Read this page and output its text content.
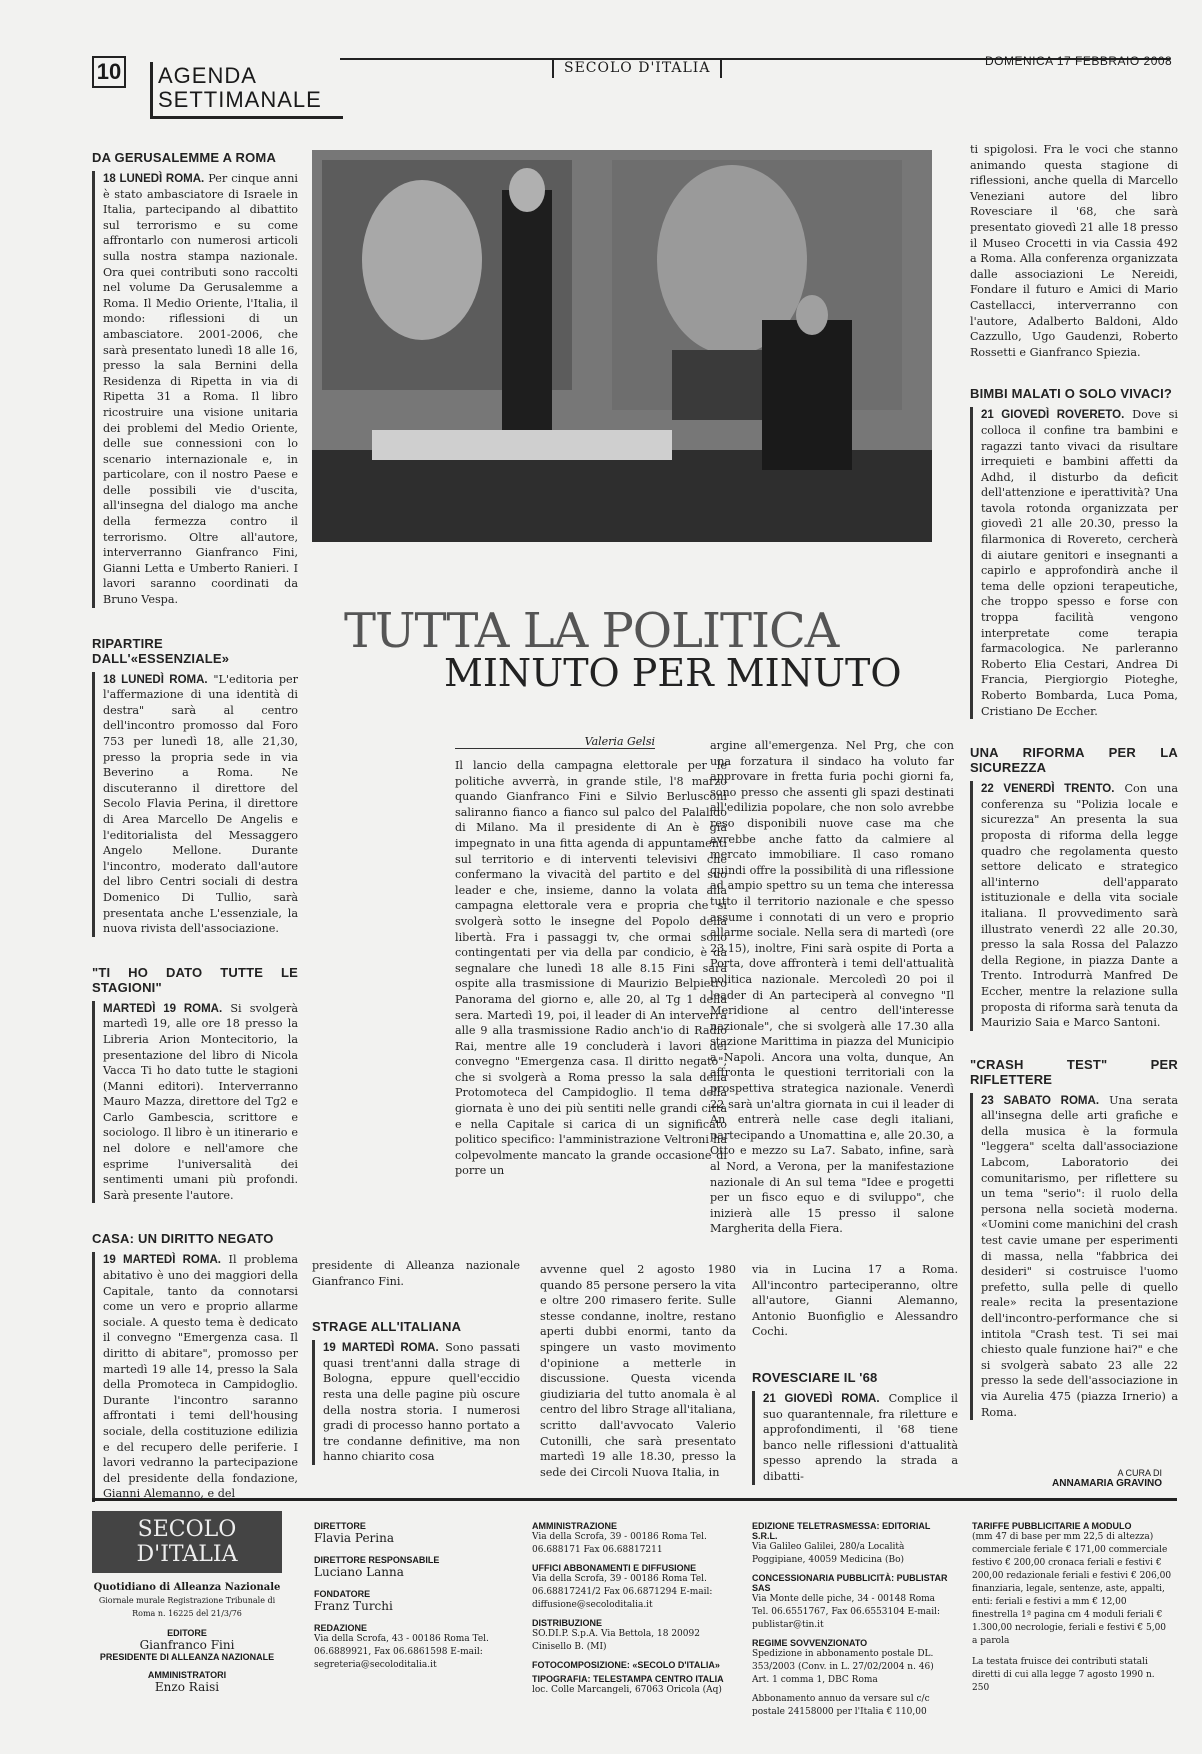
10 AGENDA
SETTIMANALE
SECOLO D'ITALIA	DOMENICA 17 FEBBRAIO 2008
DA GERUSALEMME A ROMA
18 LUNEDÌ ROMA. Per cinque anni è stato ambasciatore di Israele in Italia, partecipando al dibattito sul terrorismo e su come affrontarlo con numerosi articoli sulla nostra stampa nazionale. Ora quei contributi sono raccolti nel volume Da Gerusalemme a Roma. Il Medio Oriente, l'Italia, il mondo: riflessioni di un ambasciatore. 2001-2006, che sarà presentato lunedì 18 alle 16, presso la sala Bernini della Residenza di Ripetta in via di Ripetta 31 a Roma. Il libro ricostruire una visione unitaria dei problemi del Medio Oriente, delle sue connessioni con lo scenario internazionale e, in particolare, con il nostro Paese e delle possibili vie d'uscita, all'insegna del dialogo ma anche della fermezza contro il terrorismo. Oltre all'autore, interverranno Gianfranco Fini, Gianni Letta e Umberto Ranieri. I lavori saranno coordinati da Bruno Vespa.
RIPARTIRE DALL'«ESSENZIALE»
18 LUNEDÌ ROMA. "L'editoria per l'affermazione di una identità di destra" sarà al centro dell'incontro promosso dal Foro 753 per lunedì 18, alle 21,30, presso la propria sede in via Beverino a Roma. Ne discuteranno il direttore del Secolo Flavia Perina, il direttore di Area Marcello De Angelis e l'editorialista del Messaggero Angelo Mellone. Durante l'incontro, moderato dall'autore del libro Centri sociali di destra Domenico Di Tullio, sarà presentata anche L'essenziale, la nuova rivista dell'associazione.
"TI HO DATO TUTTE LE STAGIONI"
MARTEDÌ 19 ROMA. Si svolgerà martedì 19, alle ore 18 presso la Libreria Arion Montecitorio, la presentazione del libro di Nicola Vacca Ti ho dato tutte le stagioni (Manni editori). Interverranno Mauro Mazza, direttore del Tg2 e Carlo Gambescia, scrittore e sociologo. Il libro è un itinerario e nel dolore e nell'amore che esprime l'universalità dei sentimenti umani più profondi. Sarà presente l'autore.
CASA: UN DIRITTO NEGATO
19 MARTEDÌ ROMA. Il problema abitativo è uno dei maggiori della Capitale, tanto da connotarsi come un vero e proprio allarme sociale. A questo tema è dedicato il convegno "Emergenza casa. Il diritto di abitare", promosso per martedì 19 alle 14, presso la Sala della Promoteca in Campidoglio. Durante l'incontro saranno affrontati i temi dell'housing sociale, della costituzione edilizia e del recupero delle periferie. I lavori vedranno la partecipazione del presidente della fondazione, Gianni Alemanno, e del
TUTTA LA POLITICA
MINUTO PER MINUTO
Valeria Gelsi
Il lancio della campagna elettorale per le politiche avverrà, in grande stile, l'8 marzo quando Gianfranco Fini e Silvio Berlusconi saliranno fianco a fianco sul palco del Palalido di Milano. Ma il presidente di An è già impegnato in una fitta agenda di appuntamenti sul territorio e di interventi televisivi che confermano la vivacità del partito e del suo leader e che, insieme, danno la volata alla campagna elettorale vera e propria che si svolgerà sotto le insegne del Popolo della libertà. Fra i passaggi tv, che ormai sono contingentati per via della par condicio, è da segnalare che lunedì 18 alle 8.15 Fini sarà ospite alla trasmissione di Maurizio Belpietro Panorama del giorno e, alle 20, al Tg 1 della sera. Martedì 19, poi, il leader di An interverrà alle 9 alla trasmissione Radio anch'io di Radio Rai, mentre alle 19 concluderà i lavori del convegno "Emergenza casa. Il diritto negato", che si svolgerà a Roma presso la sala della Protomoteca del Campidoglio. Il tema della giornata è uno dei più sentiti nelle grandi città e nella Capitale si carica di un significato politico specifico: l'amministrazione Veltroni ha colpevolmente mancato la grande occasione di porre un
argine all'emergenza. Nel Prg, che con una forzatura il sindaco ha voluto far approvare in fretta furia pochi giorni fa, sono presso che assenti gli spazi destinati all'edilizia popolare, che non solo avrebbe reso disponibili nuove case ma che avrebbe anche fatto da calmiere al mercato immobiliare. Il caso romano quindi offre la possibilità di una riflessione ad ampio spettro su un tema che interessa tutto il territorio nazionale e che spesso assume i connotati di un vero e proprio allarme sociale. Nella sera di martedì (ore 23.15), inoltre, Fini sarà ospite di Porta a Porta, dove affronterà i temi dell'attualità politica nazionale. Mercoledì 20 poi il leader di An parteciperà al convegno "Il Meridione al centro dell'interesse nazionale", che si svolgerà alle 17.30 alla stazione Marittima in piazza del Municipio a Napoli. Ancora una volta, dunque, An affronta le questioni territoriali con la prospettiva strategica nazionale. Venerdì 22 sarà un'altra giornata in cui il leader di An entrerà nelle case degli italiani, partecipando a Unomattina e, alle 20.30, a Otto e mezzo su La7. Sabato, infine, sarà al Nord, a Verona, per la manifestazione nazionale di An sul tema "Idee e progetti per un fisco equo e di sviluppo", che inizierà alle 15 presso il salone Margherita della Fiera.
presidente di Alleanza nazionale Gianfranco Fini.
STRAGE ALL'ITALIANA
19 MARTEDÌ ROMA. Sono passati quasi trent'anni dalla strage di Bologna, eppure quell'eccidio resta una delle pagine più oscure della nostra storia. I numerosi gradi di processo hanno portato a tre condanne definitive, ma non hanno chiarito cosa
avvenne quel 2 agosto 1980 quando 85 persone persero la vita e oltre 200 rimasero ferite. Sulle stesse condanne, inoltre, restano aperti dubbi enormi, tanto da spingere un vasto movimento d'opinione a metterle in discussione. Questa vicenda giudiziaria del tutto anomala è al centro del libro Strage all'italiana, scritto dall'avvocato Valerio Cutonilli, che sarà presentato martedì 19 alle 18.30, presso la sede dei Circoli Nuova Italia, in
via in Lucina 17 a Roma. All'incontro parteciperanno, oltre all'autore, Gianni Alemanno, Antonio Buonfiglio e Alessandro Cochi.
ROVESCIARE IL '68
21 GIOVEDÌ ROMA. Complice il suo quarantennale, fra riletture e approfondimenti, il '68 tiene banco nelle riflessioni d'attualità spesso aprendo la strada a dibatti-
ti spigolosi. Fra le voci che stanno animando questa stagione di riflessioni, anche quella di Marcello Veneziani autore del libro Rovesciare il '68, che sarà presentato giovedì 21 alle 18 presso il Museo Crocetti in via Cassia 492 a Roma. Alla conferenza organizzata dalle associazioni Le Nereidi, Fondare il futuro e Amici di Mario Castellacci, interverranno con l'autore, Adalberto Baldoni, Aldo Cazzullo, Ugo Gaudenzi, Roberto Rossetti e Gianfranco Spiezia.
BIMBI MALATI O SOLO VIVACI?
21 GIOVEDÌ ROVERETO. Dove si colloca il confine tra bambini e ragazzi tanto vivaci da risultare irrequieti e bambini affetti da Adhd, il disturbo da deficit dell'attenzione e iperattività? Una tavola rotonda organizzata per giovedì 21 alle 20.30, presso la filarmonica di Rovereto, cercherà di aiutare genitori e insegnanti a capirlo e approfondirà anche il tema delle opzioni terapeutiche, che troppo spesso e forse con troppa facilità vengono interpretate come terapia farmacologica. Ne parleranno Roberto Elia Cestari, Andrea Di Francia, Piergiorgio Pioteghe, Roberto Bombarda, Luca Poma, Cristiano De Eccher.
UNA RIFORMA PER LA SICUREZZA
22 VENERDÌ TRENTO. Con una conferenza su "Polizia locale e sicurezza" An presenta la sua proposta di riforma della legge quadro che regolamenta questo settore delicato e strategico all'interno dell'apparato istituzionale e della vita sociale italiana. Il provvedimento sarà illustrato venerdì 22 alle 20.30, presso la sala Rossa del Palazzo della Regione, in piazza Dante a Trento. Introdurrà Manfred De Eccher, mentre la relazione sulla proposta di riforma sarà tenuta da Maurizio Saia e Marco Santoni.
"CRASH TEST" PER RIFLETTERE
23 SABATO ROMA. Una serata all'insegna delle arti grafiche e della musica è la formula "leggera" scelta dall'associazione Labcom, Laboratorio dei comunitarismo, per riflettere su un tema "serio": il ruolo della persona nella società moderna. «Uomini come manichini del crash test cavie umane per esperimenti di massa, nella "fabbrica dei desideri" si costruisce l'uomo prefetto, sulla pelle di quello reale» recita la presentazione dell'incontro-performance che si intitola "Crash test. Ti sei mai chiesto quale funzione hai?" e che si svolgerà sabato 23 alle 22 presso la sede dell'associazione in via Aurelia 475 (piazza Irnerio) a Roma.
A CURA DI
ANNAMARIA GRAVINO
SECOLO D'ITALIA
Quotidiano di Alleanza Nazionale
Giornale murale Registrazione Tribunale di Roma n. 16225 del 21/3/76
EDITORE
Gianfranco Fini
PRESIDENTE DI ALLEANZA NAZIONALE
AMMINISTRATORI
Enzo Raisi
DIRETTORE
Flavia Perina
DIRETTORE RESPONSABILE
Luciano Lanna
FONDATORE
Franz Turchi
REDAZIONE
Via della Scrofa, 43 - 00186 Roma Tel. 06.6889921, Fax 06.6861598 E-mail: segreteria@secoloditalia.it
AMMINISTRAZIONE
Via della Scrofa, 39 - 00186 Roma Tel. 06.688171 Fax 06.68817211
UFFICI ABBONAMENTI E DIFFUSIONE
Via della Scrofa, 39 - 00186 Roma Tel. 06.68817241/2 Fax 06.6871294 E-mail: diffusione@secoloditalia.it
DISTRIBUZIONE
SO.DI.P. S.p.A. Via Bettola, 18 20092 Cinisello B. (MI)
FOTOCOMPOSIZIONE: «SECOLO D'ITALIA»
TIPOGRAFIA: TELESTAMPA CENTRO ITALIA
loc. Colle Marcangeli, 67063 Oricola (Aq)
EDIZIONE TELETRASMESSA: EDITORIAL S.R.L.
Via Galileo Galilei, 280/a Località Poggipiane, 40059 Medicina (Bo)
CONCESSIONARIA PUBBLICITÀ: PUBLISTAR SAS
Via Monte delle piche, 34 - 00148 Roma Tel. 06.6551767, Fax 06.6553104 E-mail: publistar@tin.it
REGIME SOVVENZIONATO
Spedizione in abbonamento postale DL. 353/2003 (Conv. in L. 27/02/2004 n. 46) Art. 1 comma 1, DBC Roma
Abbonamento annuo da versare sul c/c postale 24158000 per l'Italia € 110,00
TARIFFE PUBBLICITARIE A MODULO
(mm 47 di base per mm 22,5 di altezza) commerciale feriale € 171,00 commerciale festivo € 200,00 cronaca feriali e festivi € 200,00 redazionale feriali e festivi € 206,00 finanziaria, legale, sentenze, aste, appalti, enti: feriali e festivi a mm € 12,00 finestrella 1ª pagina cm 4 moduli feriali € 1.300,00 necrologie, feriali e festivi € 5,00 a parola
La testata fruisce dei contributi statali diretti di cui alla legge 7 agosto 1990 n. 250
